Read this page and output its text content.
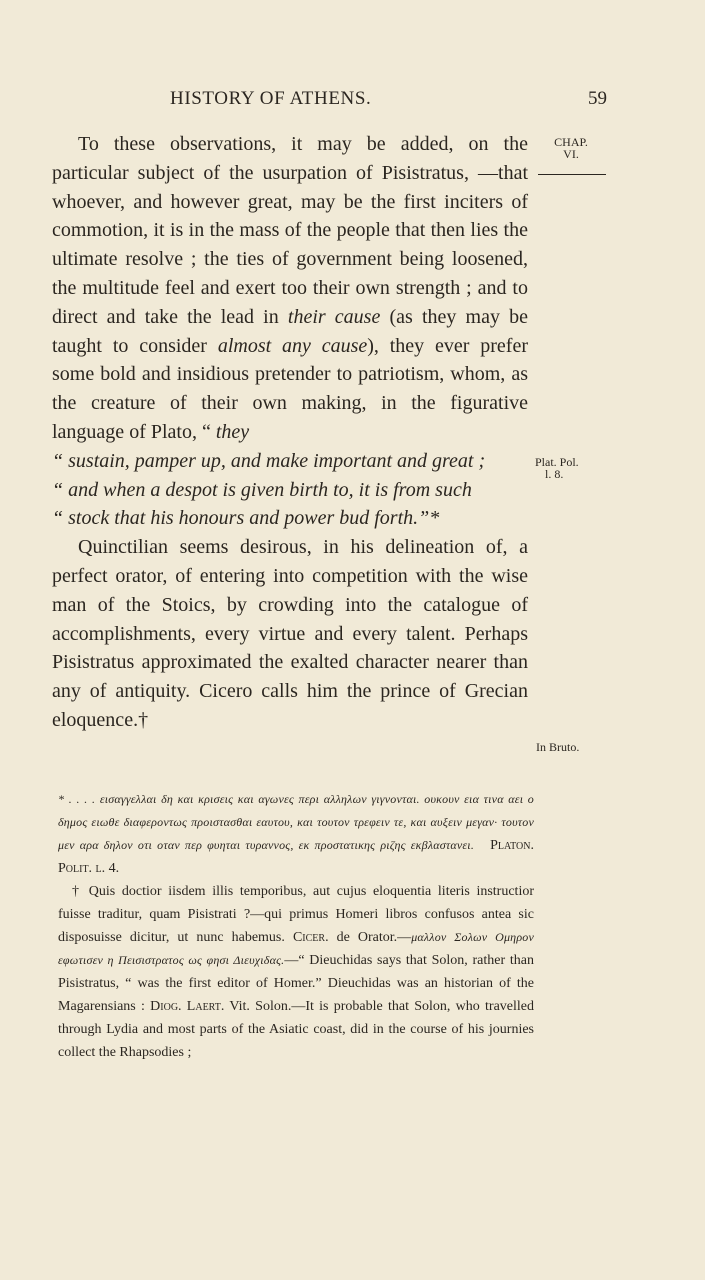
HISTORY OF ATHENS.	59
CHAP.
VI.
Plat. Pol.
l. 8.
In Bruto.

To these observations, it may be added, on the particular subject of the usurpation of Pisistratus, —that whoever, and however great, may be the first inciters of commotion, it is in the mass of the people that then lies the ultimate resolve ; the ties of government being loosened, the multitude feel and exert too their own strength ; and to direct and take the lead in their cause (as they may be taught to consider almost any cause), they ever prefer some bold and insidious pretender to patriotism, whom, as the creature of their own making, in the figurative language of Plato, “ they

“ sustain, pamper up, and make important and great ;
“ and when a despot is given birth to, it is from such
“ stock that his honours and power bud forth.”*

Quinctilian seems desirous, in his delineation of, a perfect orator, of entering into competition with the wise man of the Stoics, by crowding into the catalogue of accomplishments, every virtue and every talent. Perhaps Pisistratus approximated the exalted character nearer than any of antiquity. Cicero calls him the prince of Grecian eloquence.†

* . . . . εισαγγελλαι δη και κρισεις και αγωνες περι αλληλων γιγνονται. ουκουν εια τινα αει ο δημος ειωθε διαφεροντως προιστασθαι εαυτου, και τουτον τρεφειν τε, και αυξειν μεγαν· τουτον μεν αρα δηλον οτι οταν περ φυηται τυραννος, εκ προστατικης ριζης εκβλαστανει. Platon. Polit. l. 4.

† Quis doctior iisdem illis temporibus, aut cujus eloquentia literis instructior fuisse traditur, quam Pisistrati ?—qui primus Homeri libros confusos antea sic disposuisse dicitur, ut nunc habemus. Cicer. de Orator.—μαλλον Σολων Ομηρον εφωτισεν η Πεισιστρατος ως φησι Διευχιδας.—“ Dieuchidas says that Solon, rather than Pisistratus, “ was the first editor of Homer.” Dieuchidas was an historian of the Magarensians : Diog. Laert. Vit. Solon.—It is probable that Solon, who travelled through Lydia and most parts of the Asiatic coast, did in the course of his journies collect the Rhapsodies ;
